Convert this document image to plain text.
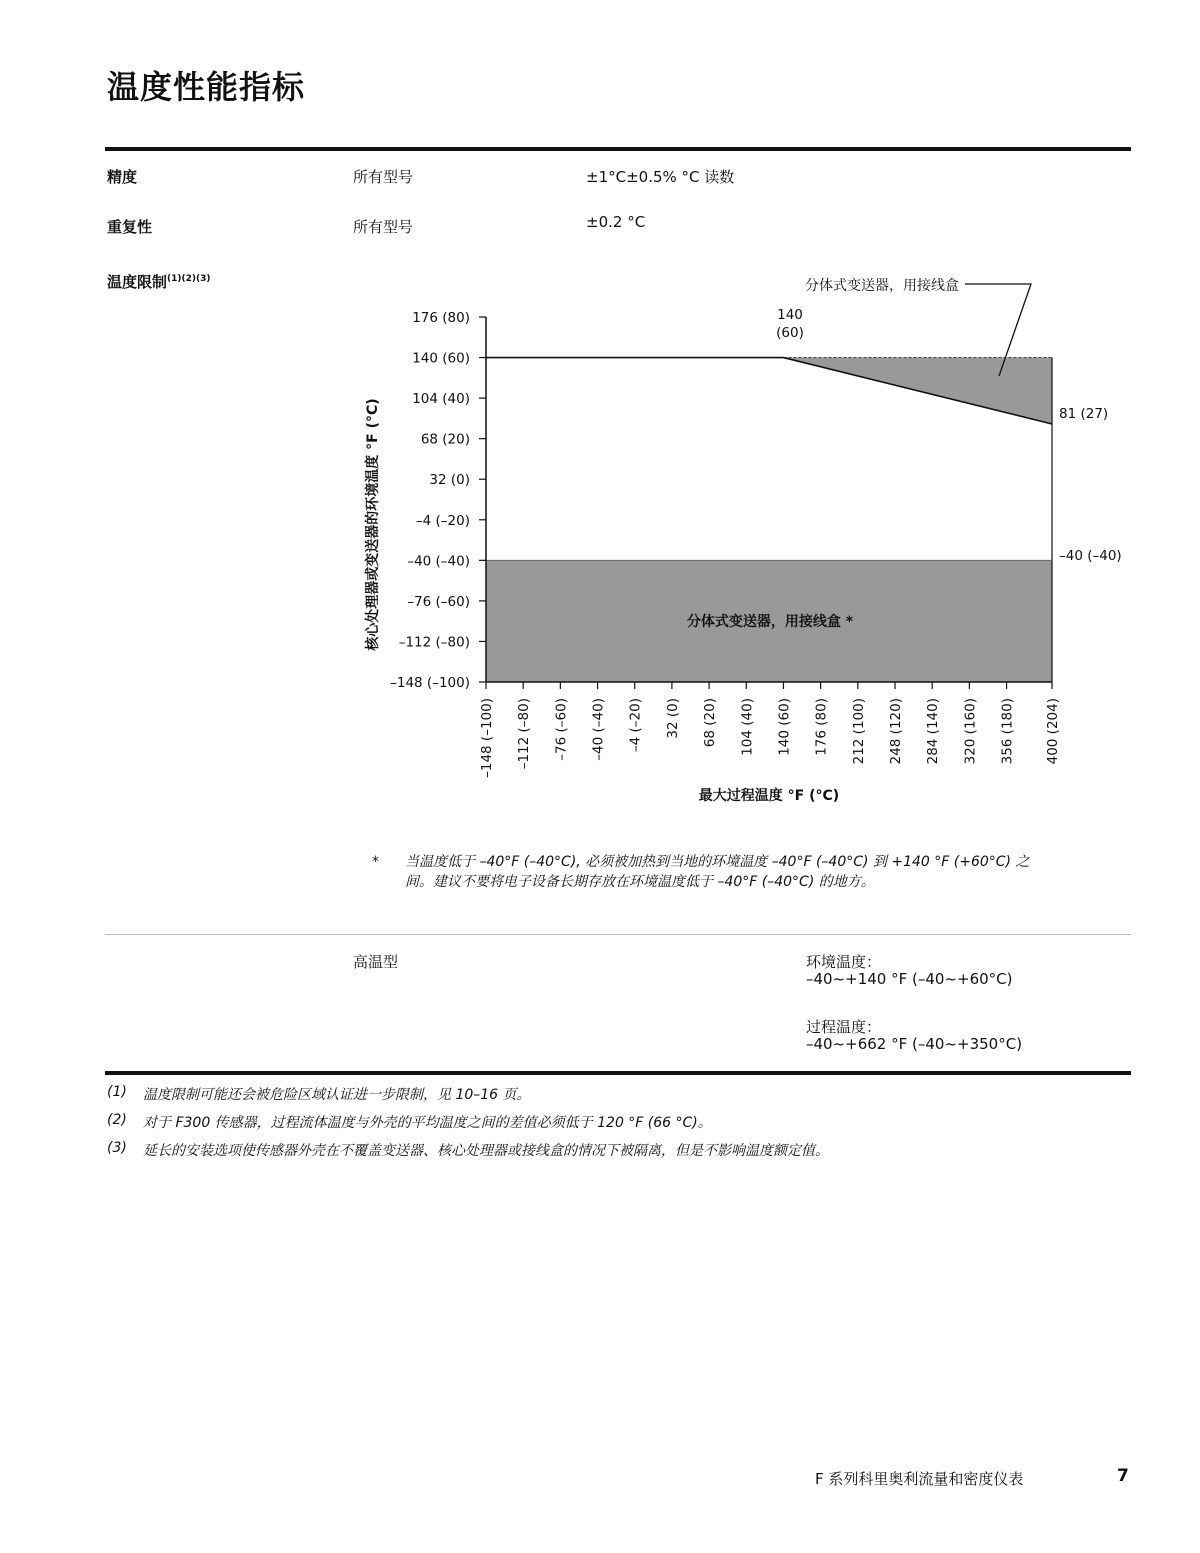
温度性能指标
精度	所有型号	±1°C±0.5% °C 读数
重复性	所有型号	±0.2 °C
温度限制$^{(1)(2)(3)}$
176 (80)
140 (60)
104 (40)
68 (20)
32 (0)
–4 (–20)
–40 (–40)
–76 (–60)
–112 (–80)
–148 (–100)
–148 (–100) –112 (–80) –76 (–60) –40 (–40) –4 (–20) 32 (0) 68 (20) 104 (40) 140 (60) 176 (80) 212 (100) 248 (120) 284 (140) 320 (160) 356 (180) 400 (204)
最大过程温度 °F (°C)
核心处理器或变送器的环境温度 °F (°C)
140
(60)
分体式变送器，用接线盒
81 (27)
–40 (–40)
分体式变送器，用接线盒 *
* 当温度低于 –40°F (–40°C), 必须被加热到当地的环境温度 –40°F (–40°C) 到 +140 °F (+60°C) 之
间。建议不要将电子设备长期存放在环境温度低于 –40°F (–40°C) 的地方。
高温型	环境温度：
–40~+140 °F (–40~+60°C)
过程温度：
–40~+662 °F (–40~+350°C)
(1) 温度限制可能还会被危险区域认证进一步限制，见 10–16 页。
(2) 对于 F300 传感器，过程流体温度与外壳的平均温度之间的差值必须低于 120 °F (66 °C)。
(3) 延长的安装选项使传感器外壳在不覆盖变送器、核心处理器或接线盒的情况下被隔离，但是不影响温度额定值。
F 系列科里奥利流量和密度仪表	7
